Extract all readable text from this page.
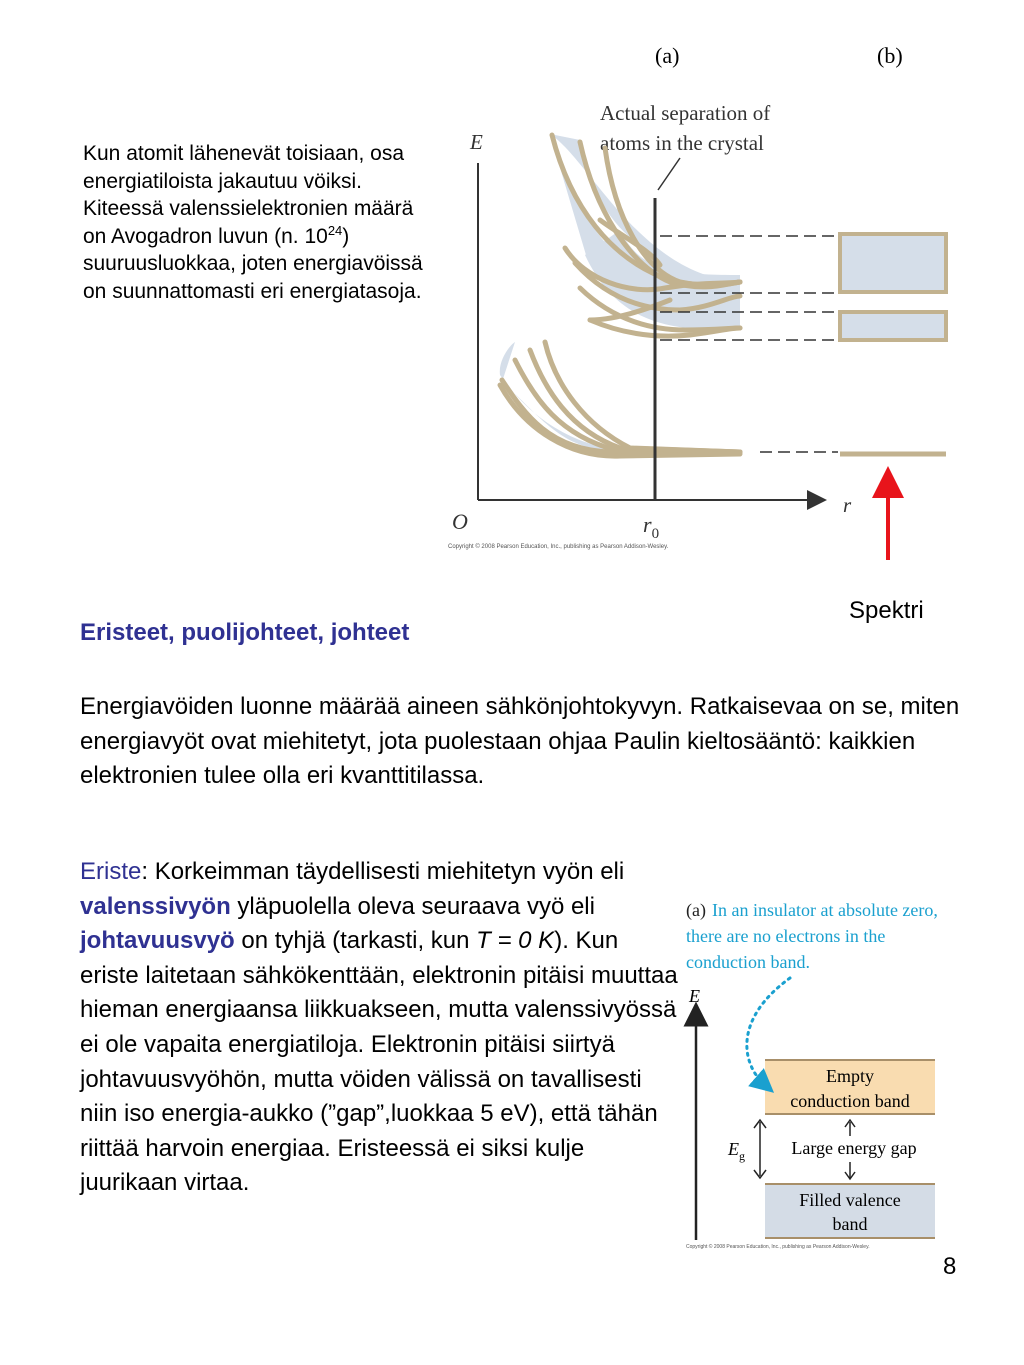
Kun atomit lähenevät toisiaan, osa energiatiloista jakautuu vöiksi. Kiteessä valenssielektronien määrä on Avogadron luvun (n. $10^{24}$) suuruusluokkaa, joten energiavöissä on suunnattomasti eri energiatasoja.
(a)	(b)
Actual separation of
atoms in the crystal
E
r
O	$r_0$
Copyright © 2008 Pearson Education, Inc., publishing as Pearson Addison-Wesley.
Spektri
Eristeet, puolijohteet, johteet
Energiavöiden luonne määrää aineen sähkönjohtokyvyn. Ratkaisevaa on se, miten energiavyöt ovat miehitetyt, jota puolestaan ohjaa Paulin kieltosääntö: kaikkien elektronien tulee olla eri kvanttitilassa.
Eriste: Korkeimman täydellisesti miehitetyn vyön eli valenssivyön yläpuolella oleva seuraava vyö eli johtavuusvyö on tyhjä (tarkasti, kun T = 0 K). Kun eriste laitetaan sähkökenttään, elektronin pitäisi muuttaa hieman energiaansa liikkuakseen, mutta valenssivyössä ei ole vapaita energiatiloja. Elektronin pitäisi siirtyä johtavuusvyöhön, mutta vöiden välissä on tavallisesti niin iso energia-aukko (”gap”,luokkaa 5 eV), että tähän riittää harvoin energiaa. Eristeessä ei siksi kulje juurikaan virtaa.
(a) In an insulator at absolute zero,
there are no electrons in the
conduction band.
E
Empty
conduction band
Filled valence
band
Large energy gap
$E_g$
Copyright © 2008 Pearson Education, Inc., publishing as Pearson Addison-Wesley.
8
